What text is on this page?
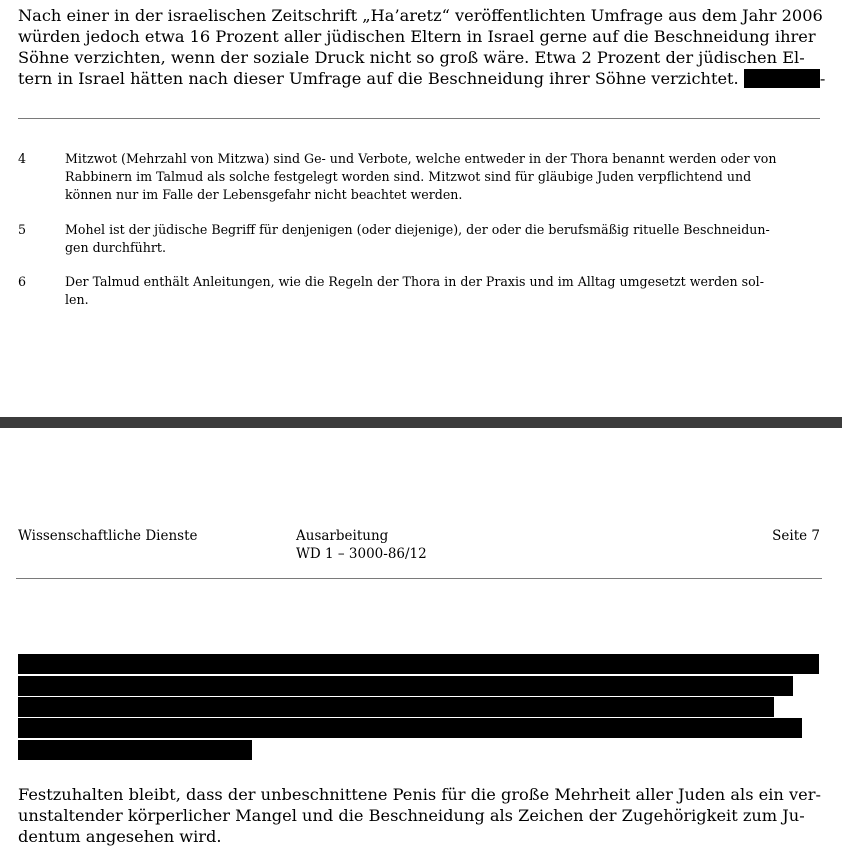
Nach einer in der israelischen Zeitschrift „Ha’aretz“ veröffentlichten Umfrage aus dem Jahr 2006
würden jedoch etwa 16 Prozent aller jüdischen Eltern in Israel gerne auf die Beschneidung ihrer
Söhne verzichten, wenn der soziale Druck nicht so groß wäre. Etwa 2 Prozent der jüdischen El-
tern in Israel hätten nach dieser Umfrage auf die Beschneidung ihrer Söhne verzichtet.	-

4	Mitzwot (Mehrzahl von Mitzwa) sind Ge- und Verbote, welche entweder in der Thora benannt werden oder von
Rabbinern im Talmud als solche festgelegt worden sind. Mitzwot sind für gläubige Juden verpflichtend und
können nur im Falle der Lebensgefahr nicht beachtet werden.
5	Mohel ist der jüdische Begriff für denjenigen (oder diejenige), der oder die berufsmäßig rituelle Beschneidun-
gen durchführt.
6	Der Talmud enthält Anleitungen, wie die Regeln der Thora in der Praxis und im Alltag umgesetzt werden sol-
len.
Wissenschaftliche Dienste	Ausarbeitung
WD 1 – 3000-86/12
Seite 7

Festzuhalten bleibt, dass der unbeschnittene Penis für die große Mehrheit aller Juden als ein ver-
unstaltender körperlicher Mangel und die Beschneidung als Zeichen der Zugehörigkeit zum Ju-
dentum angesehen wird.
